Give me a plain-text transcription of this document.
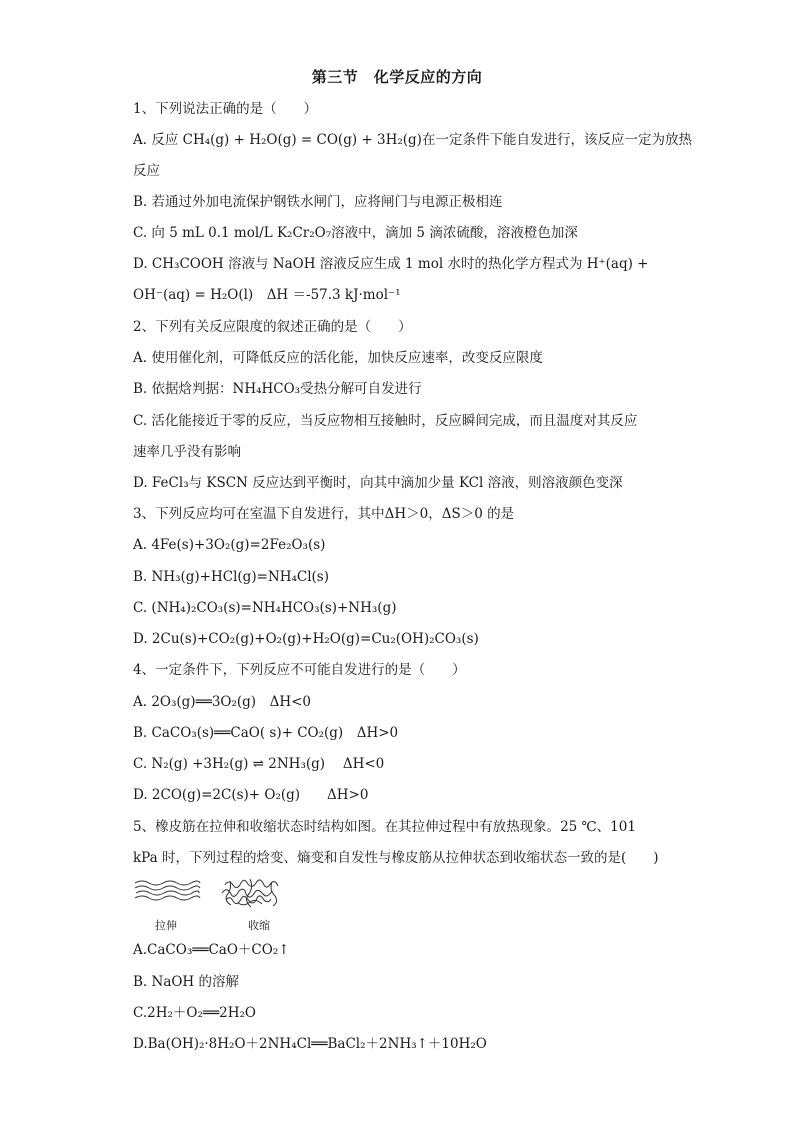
第三节　化学反应的方向
1、下列说法正确的是（　　）
A. 反应 CH₄(g) + H₂O(g) = CO(g) + 3H₂(g)在一定条件下能自发进行，该反应一定为放热
反应
B. 若通过外加电流保护钢铁水闸门，应将闸门与电源正极相连
C. 向 5 mL 0.1 mol/L K₂Cr₂O₇溶液中，滴加 5 滴浓硫酸，溶液橙色加深
D. CH₃COOH 溶液与 NaOH 溶液反应生成 1 mol 水时的热化学方程式为 H⁺(aq) +
OH⁻(aq) = H₂O(l)　ΔH ＝-57.3 kJ·mol⁻¹
2、下列有关反应限度的叙述正确的是（　　）
A. 使用催化剂，可降低反应的活化能，加快反应速率，改变反应限度
B. 依据焓判据：NH₄HCO₃受热分解可自发进行
C. 活化能接近于零的反应，当反应物相互接触时，反应瞬间完成，而且温度对其反应
速率几乎没有影响
D. FeCl₃与 KSCN 反应达到平衡时，向其中滴加少量 KCl 溶液，则溶液颜色变深
3、下列反应均可在室温下自发进行，其中ΔH＞0，ΔS＞0 的是
A. 4Fe(s)+3O₂(g)=2Fe₂O₃(s)
B. NH₃(g)+HCl(g)=NH₄Cl(s)
C. (NH₄)₂CO₃(s)=NH₄HCO₃(s)+NH₃(g)
D. 2Cu(s)+CO₂(g)+O₂(g)+H₂O(g)=Cu₂(OH)₂CO₃(s)
4、一定条件下，下列反应不可能自发进行的是（　　）
A. 2O₃(g)══3O₂(g)　ΔH<0
B. CaCO₃(s)══CaO( s)+ CO₂(g)　ΔH>0
C. N₂(g) +3H₂(g) ⇌ 2NH₃(g)　 ΔH<0
D. 2CO(g)=2C(s)+ O₂(g)　　ΔH>0
5、橡皮筋在拉伸和收缩状态时结构如图。在其拉伸过程中有放热现象。25 ℃、101
kPa 时，下列过程的焓变、熵变和自发性与橡皮筋从拉伸状态到收缩状态一致的是(　　)
拉伸	收缩
A.CaCO₃══CaO＋CO₂↑
B. NaOH 的溶解
C.2H₂＋O₂══2H₂O
D.Ba(OH)₂·8H₂O＋2NH₄Cl══BaCl₂＋2NH₃↑＋10H₂O
